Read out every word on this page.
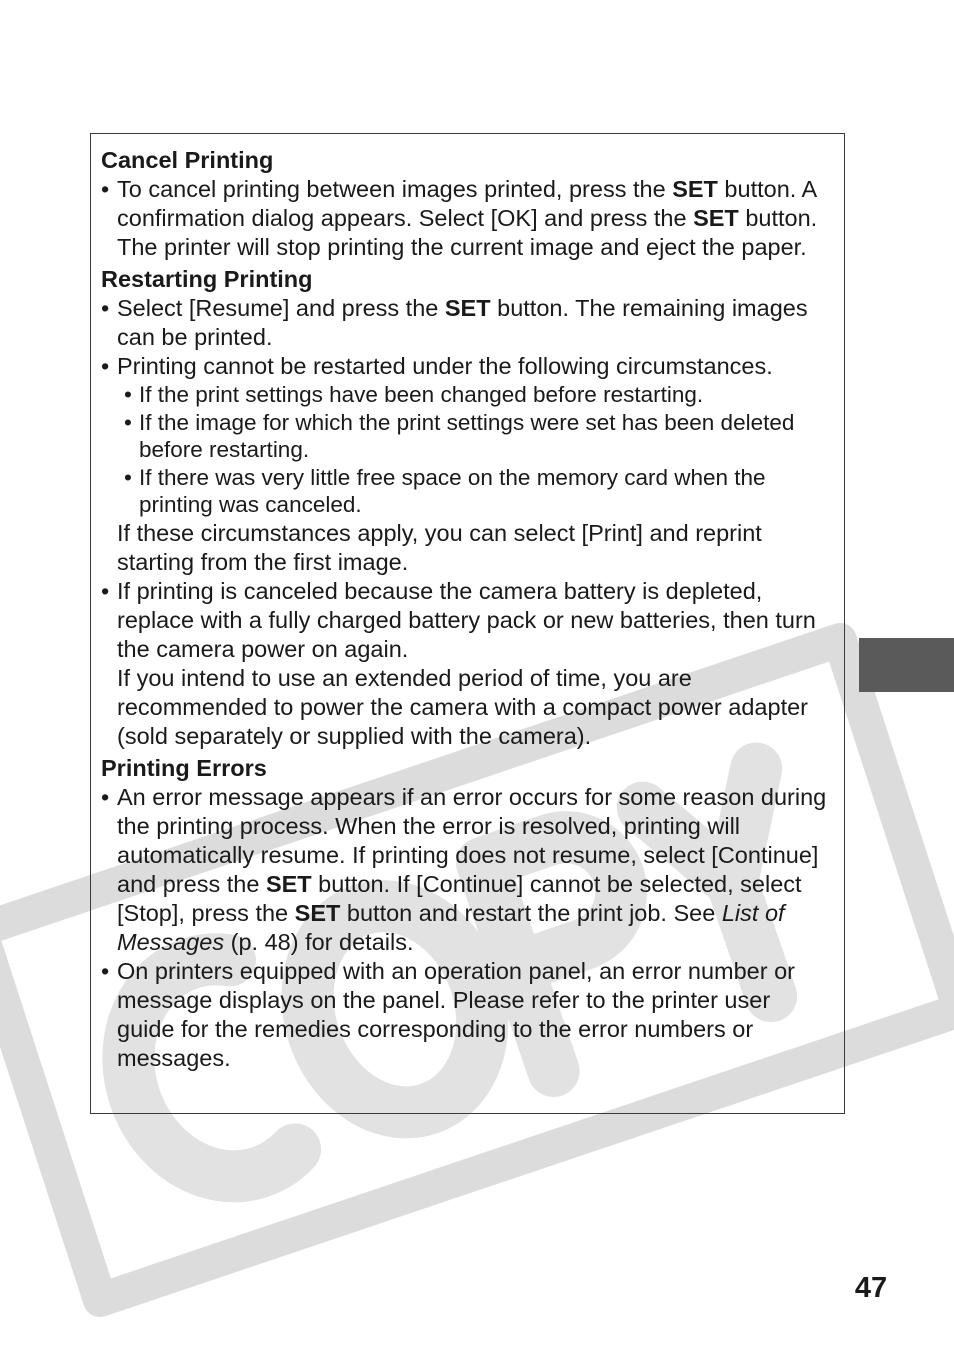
Cancel Printing

• To cancel printing between images printed, press the SET button. A confirmation dialog appears. Select [OK] and press the SET button. The printer will stop printing the current image and eject the paper.

Restarting Printing

• Select [Resume] and press the SET button. The remaining images can be printed.

• Printing cannot be restarted under the following circumstances.

• If the print settings have been changed before restarting.

• If the image for which the print settings were set has been deleted before restarting.

• If there was very little free space on the memory card when the printing was canceled.

If these circumstances apply, you can select [Print] and reprint starting from the first image.

• If printing is canceled because the camera battery is depleted, replace with a fully charged battery pack or new batteries, then turn the camera power on again.

If you intend to use an extended period of time, you are recommended to power the camera with a compact power adapter (sold separately or supplied with the camera).

Printing Errors

• An error message appears if an error occurs for some reason during the printing process. When the error is resolved, printing will automatically resume. If printing does not resume, select [Continue] and press the SET button. If [Continue] cannot be selected, select [Stop], press the SET button and restart the print job. See List of Messages (p. 48) for details.

• On printers equipped with an operation panel, an error number or message displays on the panel. Please refer to the printer user guide for the remedies corresponding to the error numbers or messages.

47
